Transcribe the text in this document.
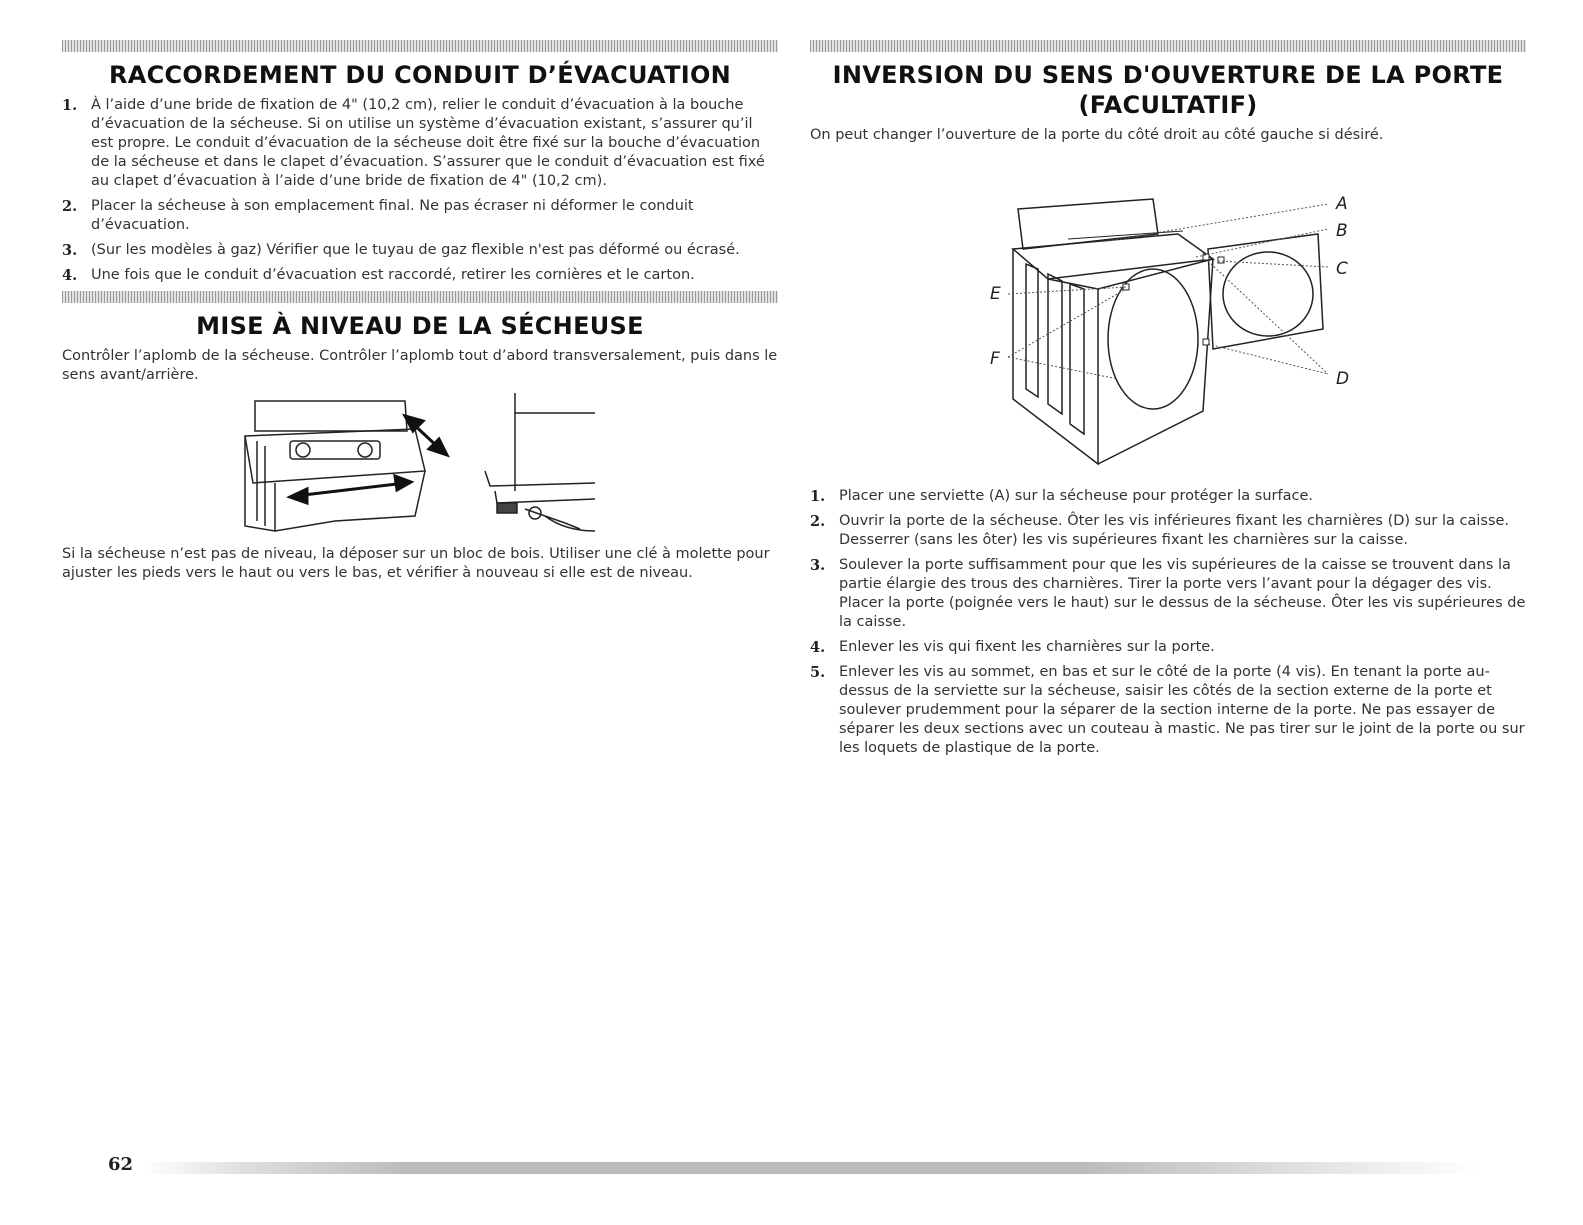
RACCORDEMENT DU CONDUIT D’ÉVACUATION
1. À l’aide d’une bride de fixation de 4" (10,2 cm), relier le conduit d’évacuation à la bouche d’évacuation de la sécheuse. Si on utilise un système d’évacuation existant, s’assurer qu’il est propre. Le conduit d’évacuation de la sécheuse doit être fixé sur la bouche d’évacuation de la sécheuse et dans le clapet d’évacuation. S’assurer que le conduit d’évacuation est fixé au clapet d’évacuation à l’aide d’une bride de fixation de 4" (10,2 cm).
2. Placer la sécheuse à son emplacement final. Ne pas écraser ni déformer le conduit d’évacuation.
3. (Sur les modèles à gaz) Vérifier que le tuyau de gaz flexible n'est pas déformé ou écrasé.
4. Une fois que le conduit d’évacuation est raccordé, retirer les cornières et le carton.
MISE À NIVEAU DE LA SÉCHEUSE

Contrôler l’aplomb de la sécheuse. Contrôler l’aplomb tout d’abord transversalement, puis dans le sens avant/arrière.

Si la sécheuse n’est pas de niveau, la déposer sur un bloc de bois. Utiliser une clé à molette pour ajuster les pieds vers le haut ou vers le bas, et vérifier à nouveau si elle est de niveau.

INVERSION DU SENS D'OUVERTURE DE LA PORTE
(FACULTATIF)

On peut changer l’ouverture de la porte du côté droit au côté gauche si désiré.

A
B
C
D
E
F
1. Placer une serviette (A) sur la sécheuse pour protéger la surface.
2. Ouvrir la porte de la sécheuse. Ôter les vis inférieures fixant les charnières (D) sur la caisse. Desserrer (sans les ôter) les vis supérieures fixant les charnières sur la caisse.
3. Soulever la porte suffisamment pour que les vis supérieures de la caisse se trouvent dans la partie élargie des trous des charnières. Tirer la porte vers l’avant pour la dégager des vis. Placer la porte (poignée vers le haut) sur le dessus de la sécheuse. Ôter les vis supérieures de la caisse.
4. Enlever les vis qui fixent les charnières sur la porte.
5. Enlever les vis au sommet, en bas et sur le côté de la porte (4 vis). En tenant la porte au-dessus de la serviette sur la sécheuse, saisir les côtés de la section externe de la porte et soulever prudemment pour la séparer de la section interne de la porte. Ne pas essayer de séparer les deux sections avec un couteau à mastic. Ne pas tirer sur le joint de la porte ou sur les loquets de plastique de la porte.
62
